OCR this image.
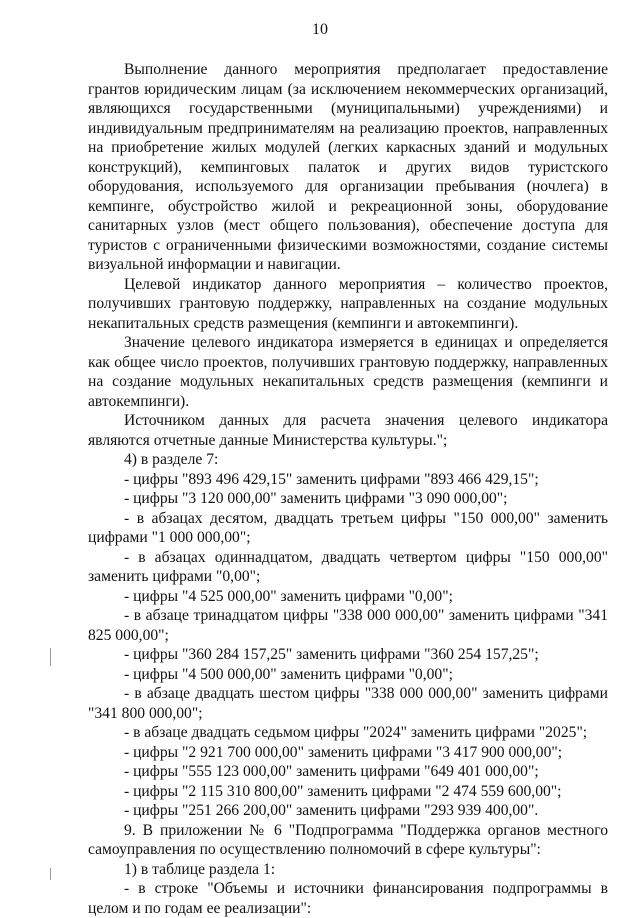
10

Выполнение данного мероприятия предполагает предоставление грантов юридическим лицам (за исключением некоммерческих организаций, являющихся государственными (муниципальными) учреждениями) и индивидуальным предпринимателям на реализацию проектов, направленных на приобретение жилых модулей (легких каркасных зданий и модульных конструкций), кемпинговых палаток и других видов туристского оборудования, используемого для организации пребывания (ночлега) в кемпинге, обустройство жилой и рекреационной зоны, оборудование санитарных узлов (мест общего пользования), обеспечение доступа для туристов с ограниченными физическими возможностями, создание системы визуальной информации и навигации.

Целевой индикатор данного мероприятия – количество проектов, получивших грантовую поддержку, направленных на создание модульных некапитальных средств размещения (кемпинги и автокемпинги).

Значение целевого индикатора измеряется в единицах и определяется как общее число проектов, получивших грантовую поддержку, направленных на создание модульных некапитальных средств размещения (кемпинги и автокемпинги).

Источником данных для расчета значения целевого индикатора являются отчетные данные Министерства культуры.";

4) в разделе 7:

- цифры "893 496 429,15" заменить цифрами "893 466 429,15";

- цифры "3 120 000,00" заменить цифрами "3 090 000,00";

- в абзацах десятом, двадцать третьем цифры "150 000,00" заменить цифрами "1 000 000,00";

- в абзацах одиннадцатом, двадцать четвертом цифры "150 000,00" заменить цифрами "0,00";

- цифры "4 525 000,00" заменить цифрами "0,00";

- в абзаце тринадцатом цифры "338 000 000,00" заменить цифрами "341 825 000,00";

- цифры "360 284 157,25" заменить цифрами "360 254 157,25";

- цифры "4 500 000,00" заменить цифрами "0,00";

- в абзаце двадцать шестом цифры "338 000 000,00" заменить цифрами "341 800 000,00";

- в абзаце двадцать седьмом цифры "2024" заменить цифрами "2025";

- цифры "2 921 700 000,00" заменить цифрами "3 417 900 000,00";

- цифры "555 123 000,00" заменить цифрами "649 401 000,00";

- цифры "2 115 310 800,00" заменить цифрами "2 474 559 600,00";

- цифры "251 266 200,00" заменить цифрами "293 939 400,00".

9. В приложении № 6 "Подпрограмма "Поддержка органов местного самоуправления по осуществлению полномочий в сфере культуры":

1) в таблице раздела 1:

- в строке "Объемы и источники финансирования подпрограммы в целом и по годам ее реализации":
